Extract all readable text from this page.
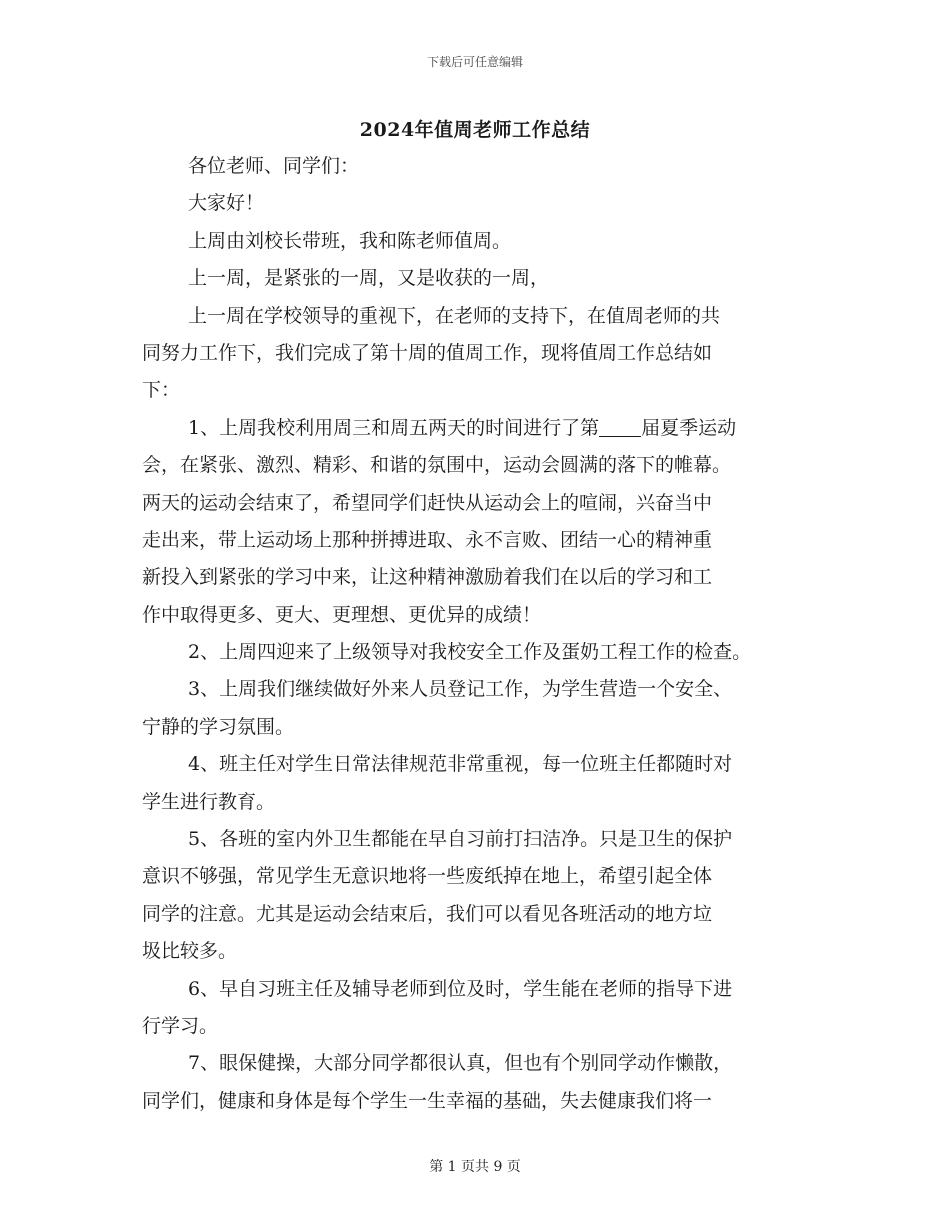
下载后可任意编辑
2024年值周老师工作总结
各位老师、同学们：
大家好！
上周由刘校长带班，我和陈老师值周。
上一周，是紧张的一周，又是收获的一周，
上一周在学校领导的重视下，在老师的支持下，在值周老师的共
同努力工作下，我们完成了第十周的值周工作，现将值周工作总结如
下：
1、上周我校利用周三和周五两天的时间进行了第 届夏季运动
会，在紧张、激烈、精彩、和谐的氛围中，运动会圆满的落下的帷幕。
两天的运动会结束了，希望同学们赶快从运动会上的喧闹，兴奋当中
走出来，带上运动场上那种拼搏进取、永不言败、团结一心的精神重
新投入到紧张的学习中来，让这种精神激励着我们在以后的学习和工
作中取得更多、更大、更理想、更优异的成绩！
2、上周四迎来了上级领导对我校安全工作及蛋奶工程工作的检查。
3、上周我们继续做好外来人员登记工作，为学生营造一个安全、
宁静的学习氛围。
4、班主任对学生日常法律规范非常重视，每一位班主任都随时对
学生进行教育。
5、各班的室内外卫生都能在早自习前打扫洁净。只是卫生的保护
意识不够强，常见学生无意识地将一些废纸掉在地上，希望引起全体
同学的注意。尤其是运动会结束后，我们可以看见各班活动的地方垃
圾比较多。
6、早自习班主任及辅导老师到位及时，学生能在老师的指导下进
行学习。
7、眼保健操，大部分同学都很认真，但也有个别同学动作懒散，
同学们，健康和身体是每个学生一生幸福的基础，失去健康我们将一
第 1 页共 9 页
